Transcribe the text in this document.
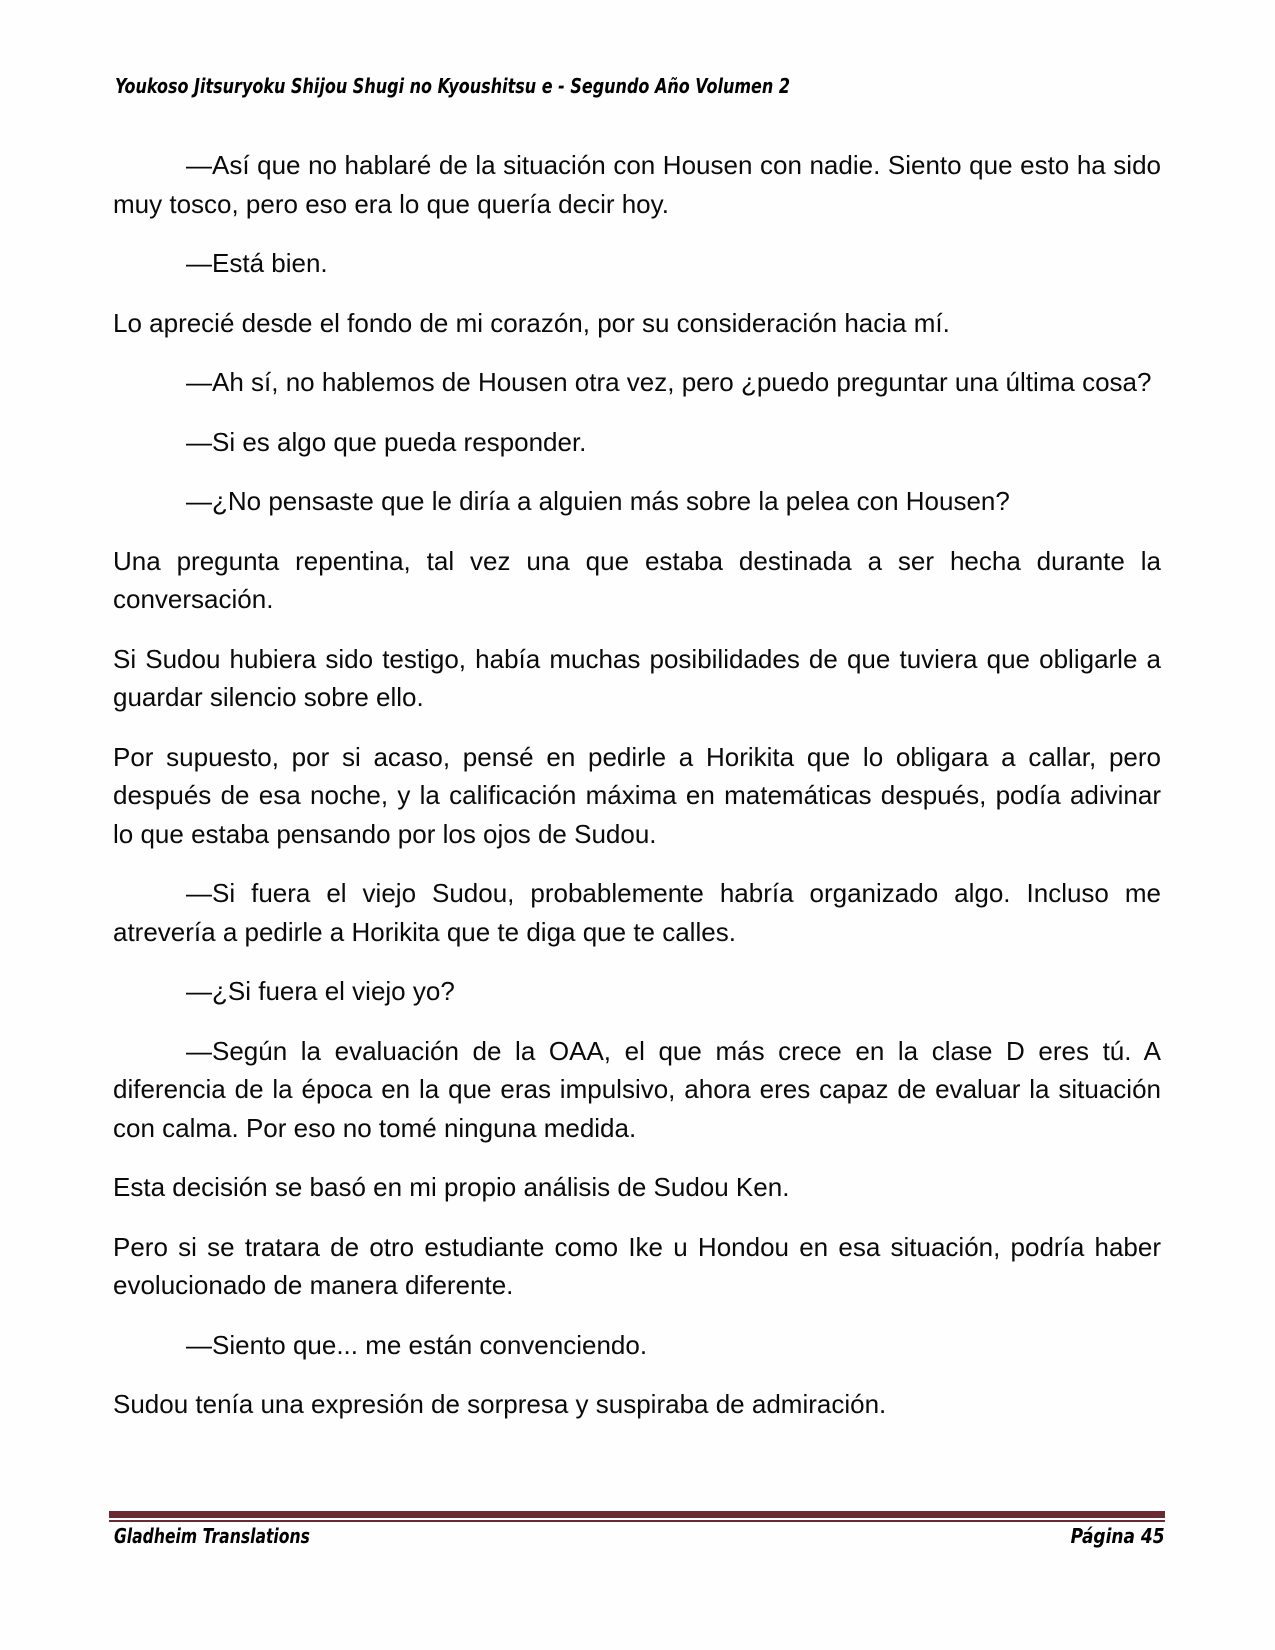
Youkoso Jitsuryoku Shijou Shugi no Kyoushitsu e - Segundo Año Volumen 2

—Así que no hablaré de la situación con Housen con nadie. Siento que esto ha sido muy tosco, pero eso era lo que quería decir hoy.

—Está bien.

Lo aprecié desde el fondo de mi corazón, por su consideración hacia mí.

—Ah sí, no hablemos de Housen otra vez, pero ¿puedo preguntar una última cosa?

—Si es algo que pueda responder.

—¿No pensaste que le diría a alguien más sobre la pelea con Housen?

Una pregunta repentina, tal vez una que estaba destinada a ser hecha durante la conversación.

Si Sudou hubiera sido testigo, había muchas posibilidades de que tuviera que obligarle a guardar silencio sobre ello.

Por supuesto, por si acaso, pensé en pedirle a Horikita que lo obligara a callar, pero después de esa noche, y la calificación máxima en matemáticas después, podía adivinar lo que estaba pensando por los ojos de Sudou.

—Si fuera el viejo Sudou, probablemente habría organizado algo. Incluso me atrevería a pedirle a Horikita que te diga que te calles.

—¿Si fuera el viejo yo?

—Según la evaluación de la OAA, el que más crece en la clase D eres tú. A diferencia de la época en la que eras impulsivo, ahora eres capaz de evaluar la situación con calma. Por eso no tomé ninguna medida.

Esta decisión se basó en mi propio análisis de Sudou Ken.

Pero si se tratara de otro estudiante como Ike u Hondou en esa situación, podría haber evolucionado de manera diferente.

—Siento que... me están convenciendo.

Sudou tenía una expresión de sorpresa y suspiraba de admiración.

Gladheim Translations	Página 45
